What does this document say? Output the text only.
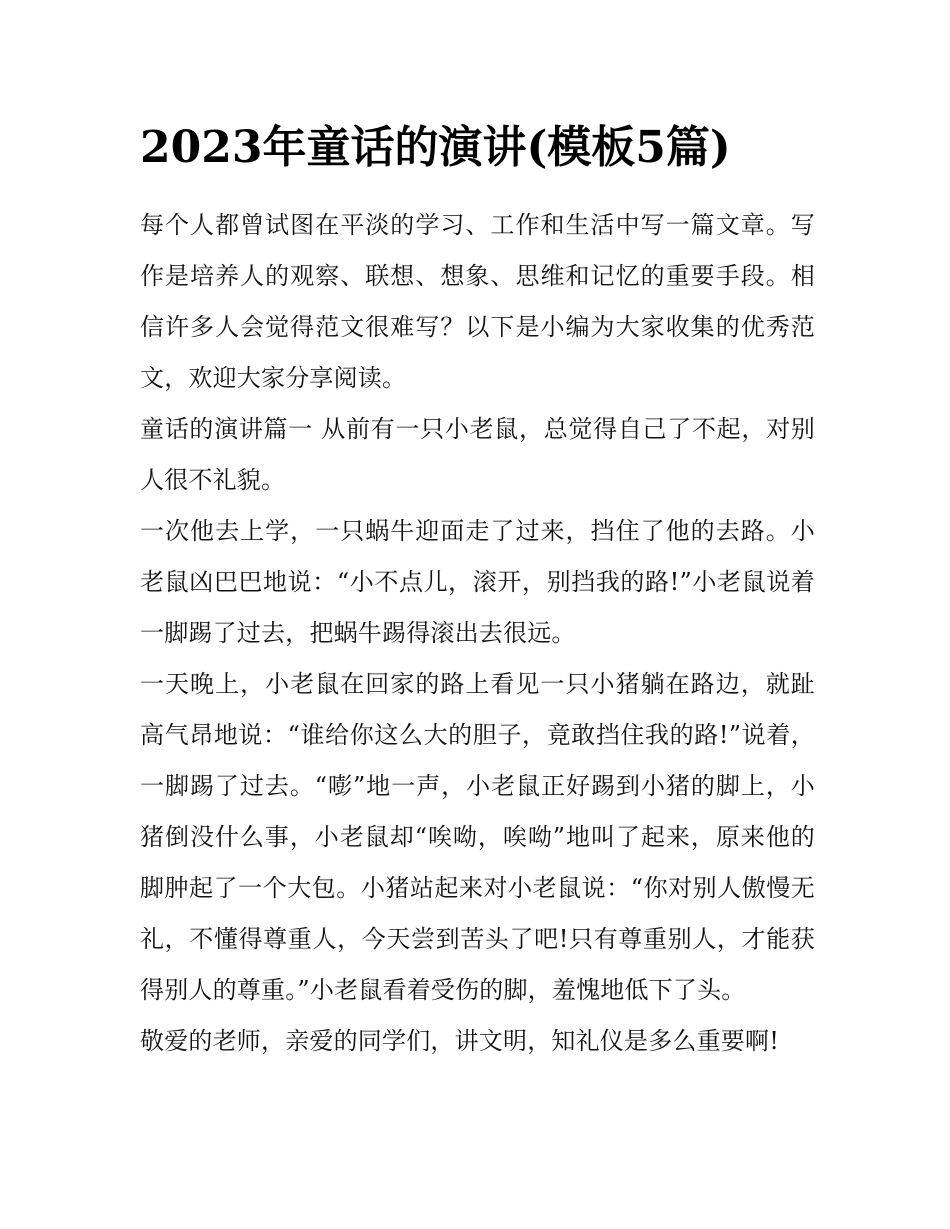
2023年童话的演讲(模板5篇)

每个人都曾试图在平淡的学习、工作和生活中写一篇文章。写作是培养人的观察、联想、想象、思维和记忆的重要手段。相信许多人会觉得范文很难写？以下是小编为大家收集的优秀范文，欢迎大家分享阅读。

童话的演讲篇一 从前有一只小老鼠，总觉得自己了不起，对别人很不礼貌。

一次他去上学，一只蜗牛迎面走了过来，挡住了他的去路。小老鼠凶巴巴地说：“小不点儿，滚开，别挡我的路!”小老鼠说着一脚踢了过去，把蜗牛踢得滚出去很远。

一天晚上，小老鼠在回家的路上看见一只小猪躺在路边，就趾高气昂地说：“谁给你这么大的胆子，竟敢挡住我的路!”说着，一脚踢了过去。“嘭”地一声，小老鼠正好踢到小猪的脚上，小猪倒没什么事，小老鼠却“唉呦，唉呦”地叫了起来，原来他的脚肿起了一个大包。小猪站起来对小老鼠说：“你对别人傲慢无礼，不懂得尊重人，今天尝到苦头了吧!只有尊重别人，才能获得别人的尊重。”小老鼠看着受伤的脚，羞愧地低下了头。

敬爱的老师，亲爱的同学们，讲文明，知礼仪是多么重要啊!
